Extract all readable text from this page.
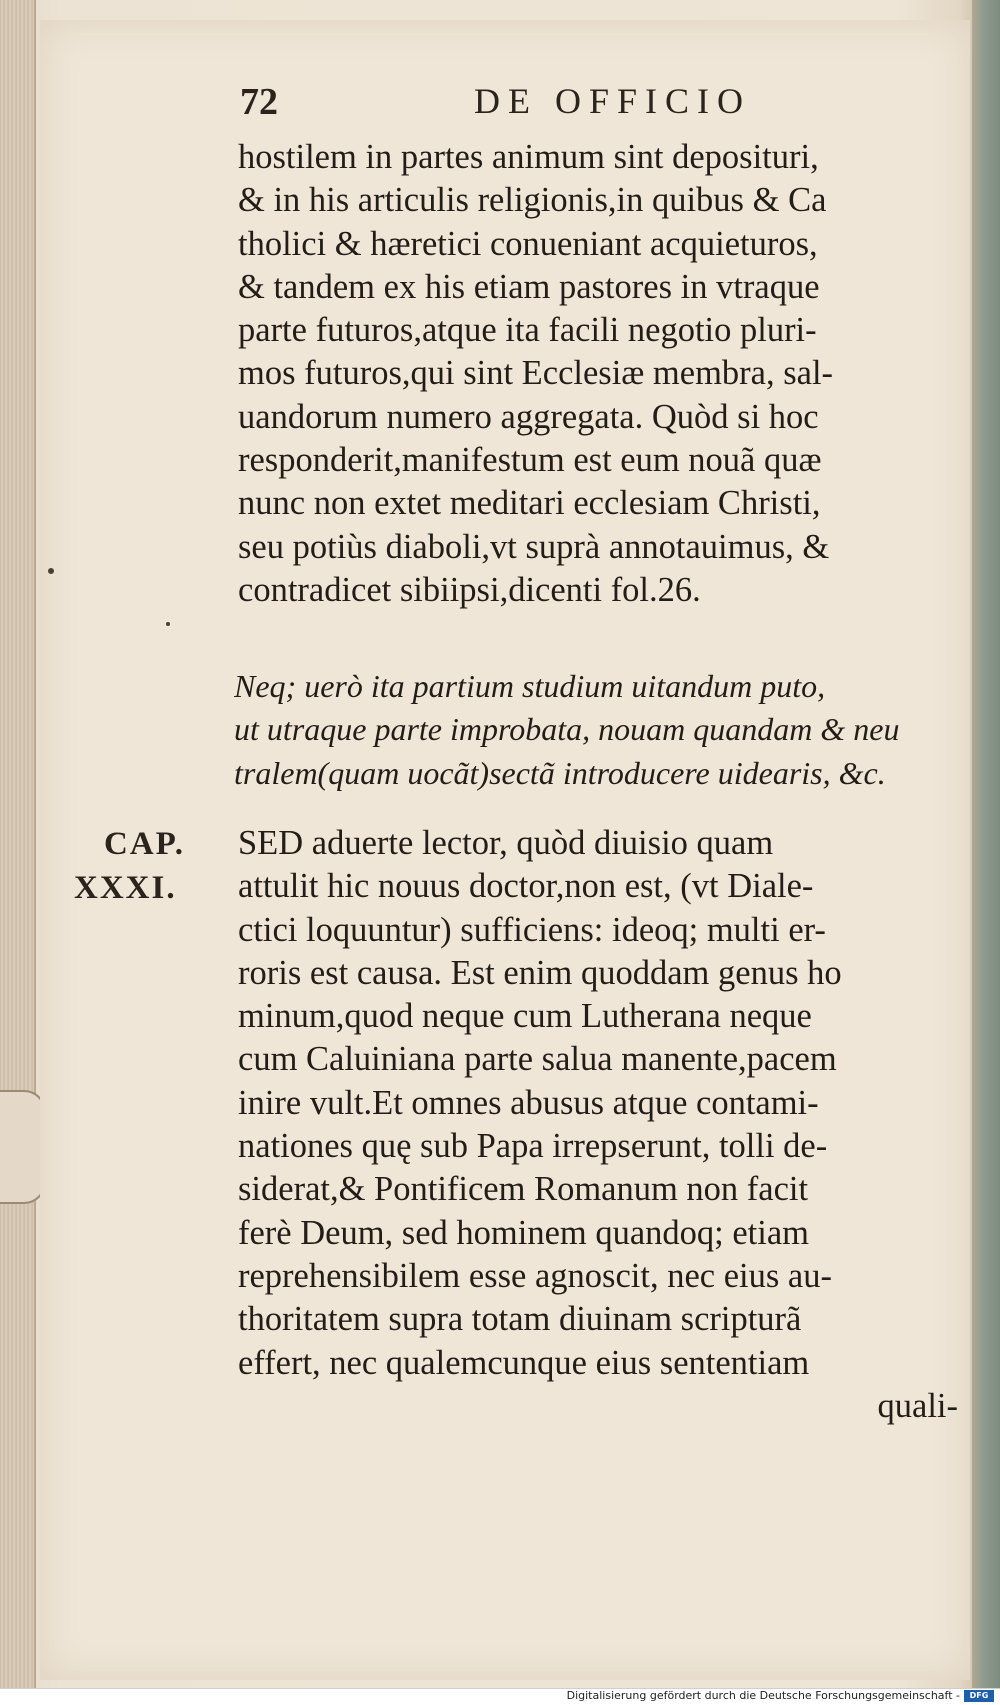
72	DE OFFICIO
hostilem in partes animum sint deposituri,
& in his articulis religionis,in quibus & Ca
tholici & hæretici conueniant acquieturos,
& tandem ex his etiam pastores in vtraque
parte futuros,atque ita facili negotio pluri-
mos futuros,qui sint Ecclesiæ membra, sal-
uandorum numero aggregata. Quòd si hoc
responderit,manifestum est eum nouã quæ
nunc non extet meditari ecclesiam Christi,
seu potiùs diaboli,vt suprà annotauimus, &
contradicet sibiipsi,dicenti fol.26.
Neq; uerò ita partium studium uitandum puto,
ut utraque parte improbata, nouam quandam & neu
tralem(quam uocãt)sectã introducere uidearis, &c.
CAP.
XXXI.
SED aduerte lector, quòd diuisio quam
attulit hic nouus doctor,non est, (vt Diale-
ctici loquuntur) sufficiens: ideoq; multi er-
roris est causa. Est enim quoddam genus ho
minum,quod neque cum Lutherana neque
cum Caluiniana parte salua manente,pacem
inire vult.Et omnes abusus atque contami-
nationes quę sub Papa irrepserunt, tolli de-
siderat,& Pontificem Romanum non facit
ferè Deum, sed hominem quandoq; etiam
reprehensibilem esse agnoscit, nec eius au-
thoritatem supra totam diuinam scripturã
effert, nec qualemcunque eius sententiam
quali-
Digitalisierung gefördert durch die Deutsche Forschungsgemeinschaft -	DFG
